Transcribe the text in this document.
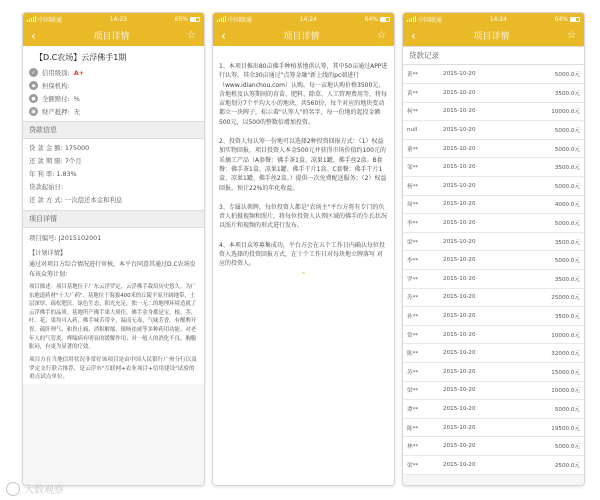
中国联通	14:23	65%
‹	项目详情	☆
【D.C农场】云浮佛手1期
✓	信用级别: A+
◆	担保机构:
● 全额赔付: %
▣ 财产抵押: 无
贷款信息
贷 款 金 额: 175000
还 款 期 限: 7个月
年 利 率: 1.83%
贷款起始日:
还 款 方 式: 一次偿还本金和利息
项目详情
项目编号: J2015102001
【计划详情】
通过对项目方综合情况进行审核，本平台同意其通过D.C农场发布该众筹计划：
项目描述：项目基地位于广东云浮罗定，云浮佛手栽培历史悠久，为广东地道药材"十大广药"。基地位于海拔400米的丘陵平原开阔地带，土层深厚、疏松肥沃，绿色生态，阳光充足，独一无二的地理环境造就了云浮佛手的品质。基地所产佛手果大质佳，佛手金身都是宝，根、茎、叶、花、果均可入药，佛手味苦带辛，温而无毒，气味芳香，有醒脾开胃、疏肝理气、和胃止痛、消积解郁、镇咳祛痰等多种药用功能。对老年人的气管炎、哮喘病有明显的缓解作用；对一般人的消化不良、胸腹胀闷，有更为显著的疗效。
项目方在当地信用状况非常好该项目是由中国人民银行广州分行以及罗定支行联合推荐，是云浮市"互联网+农业项目+信用建设"试验的重点试点单位。
中国联通	14:24	64%
‹	项目详情	☆
1、本项目推出80亩佛手种植基地供认筹，其中50亩通过APP进行认筹，其余30亩通过"点筹金融"新上线的pc端进行（www.idianchou.com）认购。每一亩地认购价格3500元，含地租及认筹期间的育苗、肥料、除草、人工管理费用等，将每亩地划分7个平均大小的地块，共560份，每个对应的地块变动都立一块牌子，标示着"认筹人"的名字，每一份地的起投金额500元，以500的整数倍增加投资。
2、投资人每认筹一份地可以选择2种投资回报方式：（1）权益加实物回报，项目投资人本金500元并获得市场价值约100元的采摘工产品（A套餐：佛手茶1盒、凉果1罐、佛手丝2盒。B套餐：佛手茶1盒、凉果1罐、佛手干片1盒。C套餐：佛手干片1盒、凉果1罐、佛手丝2盒。）提供一次免费配送服务；（2）权益回报。预计22%的年化收益。
3、专属认领牌，每位投资人都是"农场主"平台方将有专门的负责人拍摄视频和照片，将每位投资人认领区域的佛手的生长状况以照片和视频的形式进行发布。
4、本项目众筹募集成功，平台方会在五个工作日内确认每位投资人选择的投资回报方式，在十个工作日对每块地立牌落写 对应的投资人。
⌃
中国联通	14:24	64%
‹	项目详情	☆
贷款记录
黄**	2015-10-20	5000.0元
黄**	2015-10-20	3500.0元
柯**	2015-10-20	10000.0元
null	2015-10-20	5000.0元
董**	2015-10-20	5000.0元
邹**	2015-10-20	3500.0元
杨**	2015-10-20	5000.0元
周**	2015-10-20	4000.0元
李**	2015-10-20	5000.0元
梁**	2015-10-20	3500.0元
李**	2015-10-20	5000.0元
罗**	2015-10-20	3500.0元
苏**	2015-10-20	25000.0元
孙**	2015-10-20	3500.0元
常**	2015-10-20	10000.0元
陈**	2015-10-20	32000.0元
苏**	2015-10-20	15000.0元
梁**	2015-10-20	10000.0元
谭**	2015-10-20	5000.0元
陈**	2015-10-20	19500.0元
林**	2015-10-20	5000.0元
梁**	2015-10-20	2500.0元
大数观察
